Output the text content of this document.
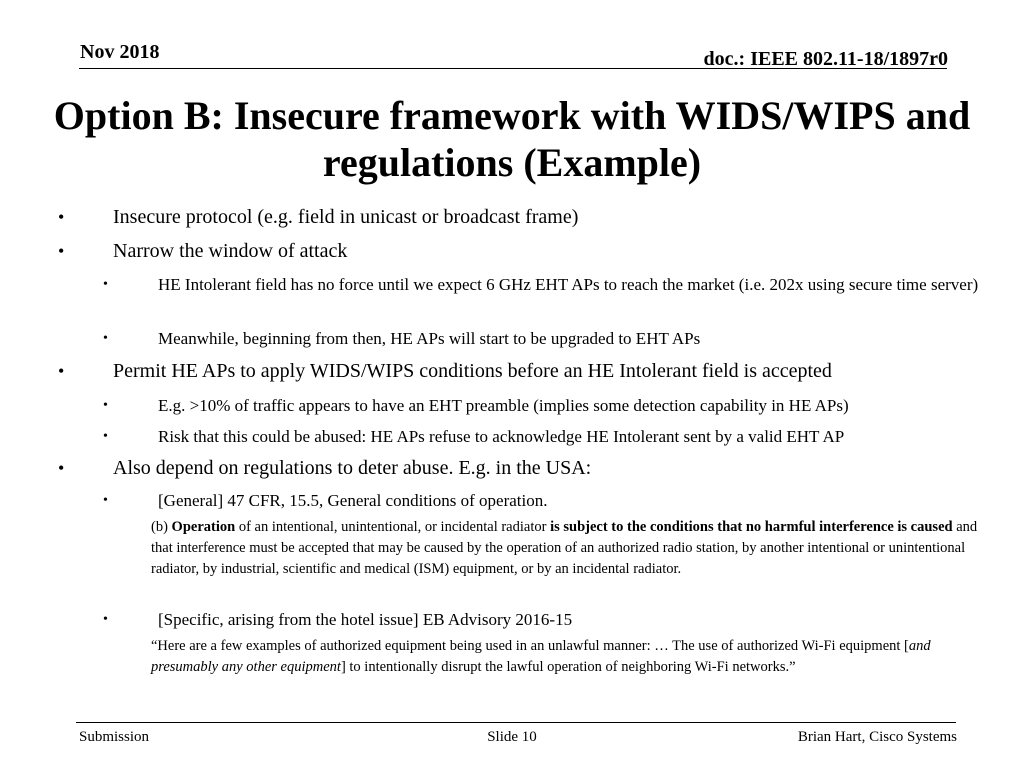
Nov 2018	doc.: IEEE 802.11-18/1897r0
Option B: Insecure framework with WIDS/WIPS and regulations (Example)
• Insecure protocol (e.g. field in unicast or broadcast frame)

• Narrow the window of attack

•	HE Intolerant field has no force until we expect 6 GHz EHT APs to reach the market (i.e. 202x using secure time server)

•	Meanwhile, beginning from then, HE APs will start to be upgraded to EHT APs

• Permit HE APs to apply WIDS/WIPS conditions before an HE Intolerant field is accepted

•	E.g. >10% of traffic appears to have an EHT preamble (implies some detection capability in HE APs)

•	Risk that this could be abused: HE APs refuse to acknowledge HE Intolerant sent by a valid EHT AP

• Also depend on regulations to deter abuse. E.g. in the USA:

•	[General] 47 CFR, 15.5, General conditions of operation.

(b) Operation of an intentional, unintentional, or incidental radiator is subject to the conditions that no harmful interference is caused and that interference must be accepted that may be caused by the operation of an authorized radio station, by another intentional or unintentional radiator, by industrial, scientific and medical (ISM) equipment, or by an incidental radiator.

•	[Specific, arising from the hotel issue] EB Advisory 2016-15

“Here are a few examples of authorized equipment being used in an unlawful manner: … The use of authorized Wi-Fi equipment [and presumably any other equipment] to intentionally disrupt the lawful operation of neighboring Wi-Fi networks.”

Submission	Slide 10	Brian Hart, Cisco Systems
